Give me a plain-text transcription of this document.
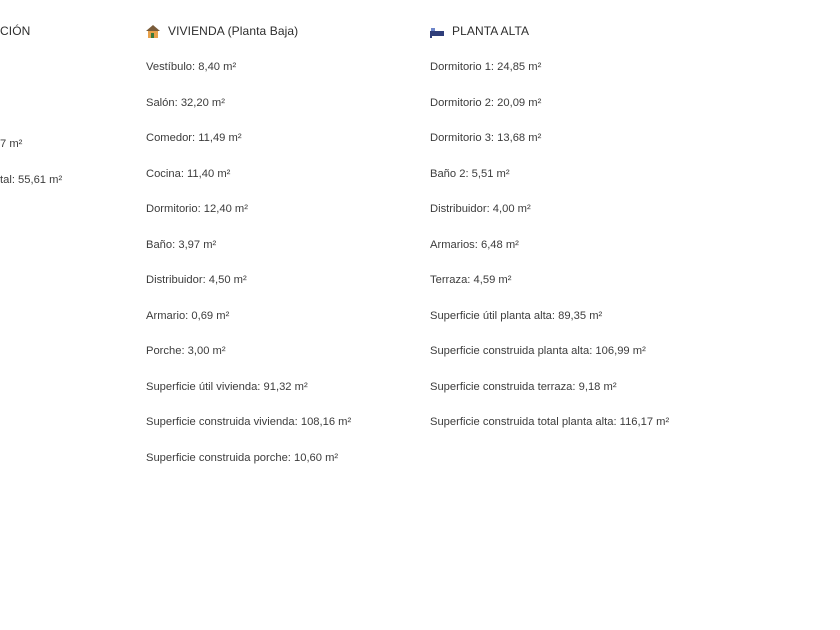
CIÓN
7 m²
tal: 55,61 m²
VIVIENDA (Planta Baja)
Vestíbulo: 8,40 m²
Salón: 32,20 m²
Comedor: 11,49 m²
Cocina: 11,40 m²
Dormitorio: 12,40 m²
Baño: 3,97 m²
Distribuidor: 4,50 m²
Armario: 0,69 m²
Porche: 3,00 m²
Superficie útil vivienda: 91,32 m²
Superficie construida vivienda: 108,16 m²
Superficie construida porche: 10,60 m²
PLANTA ALTA
Dormitorio 1: 24,85 m²
Dormitorio 2: 20,09 m²
Dormitorio 3: 13,68 m²
Baño 2: 5,51 m²
Distribuidor: 4,00 m²
Armarios: 6,48 m²
Terraza: 4,59 m²
Superficie útil planta alta: 89,35 m²
Superficie construida planta alta: 106,99 m²
Superficie construida terraza: 9,18 m²
Superficie construida total planta alta: 116,17 m²
